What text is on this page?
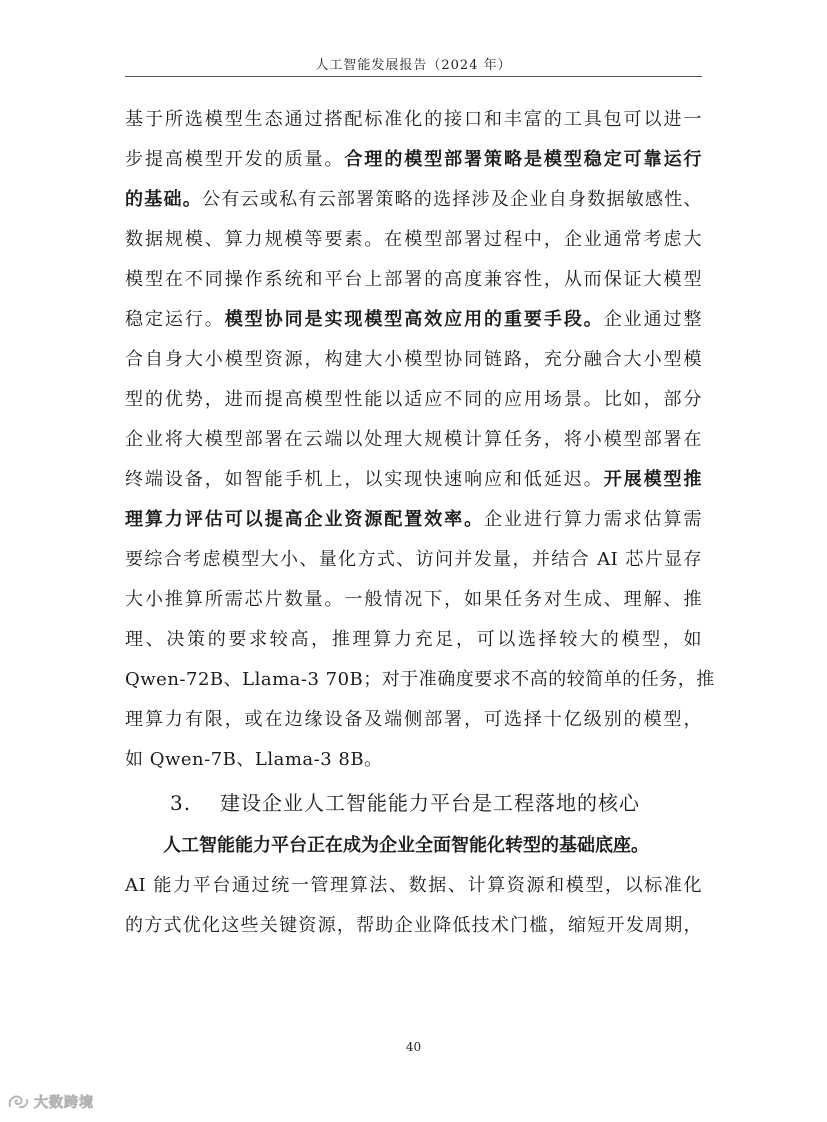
人工智能发展报告（2024 年）
基于所选模型生态通过搭配标准化的接口和丰富的工具包可以进一
步提高模型开发的质量。合理的模型部署策略是模型稳定可靠运行
的基础。公有云或私有云部署策略的选择涉及企业自身数据敏感性、
数据规模、算力规模等要素。在模型部署过程中，企业通常考虑大
模型在不同操作系统和平台上部署的高度兼容性，从而保证大模型
稳定运行。模型协同是实现模型高效应用的重要手段。企业通过整
合自身大小模型资源，构建大小模型协同链路，充分融合大小型模
型的优势，进而提高模型性能以适应不同的应用场景。比如，部分
企业将大模型部署在云端以处理大规模计算任务，将小模型部署在
终端设备，如智能手机上，以实现快速响应和低延迟。开展模型推
理算力评估可以提高企业资源配置效率。企业进行算力需求估算需
要综合考虑模型大小、量化方式、访问并发量，并结合 AI 芯片显存
大小推算所需芯片数量。一般情况下，如果任务对生成、理解、推
理、决策的要求较高，推理算力充足，可以选择较大的模型，如
Qwen-72B、Llama-3 70B；对于准确度要求不高的较简单的任务，推
理算力有限，或在边缘设备及端侧部署，可选择十亿级别的模型，
如 Qwen-7B、Llama-3 8B。
3. 建设企业人工智能能力平台是工程落地的核心
人工智能能力平台正在成为企业全面智能化转型的基础底座。
AI 能力平台通过统一管理算法、数据、计算资源和模型，以标准化
的方式优化这些关键资源，帮助企业降低技术门槛，缩短开发周期，
40
大数跨境
